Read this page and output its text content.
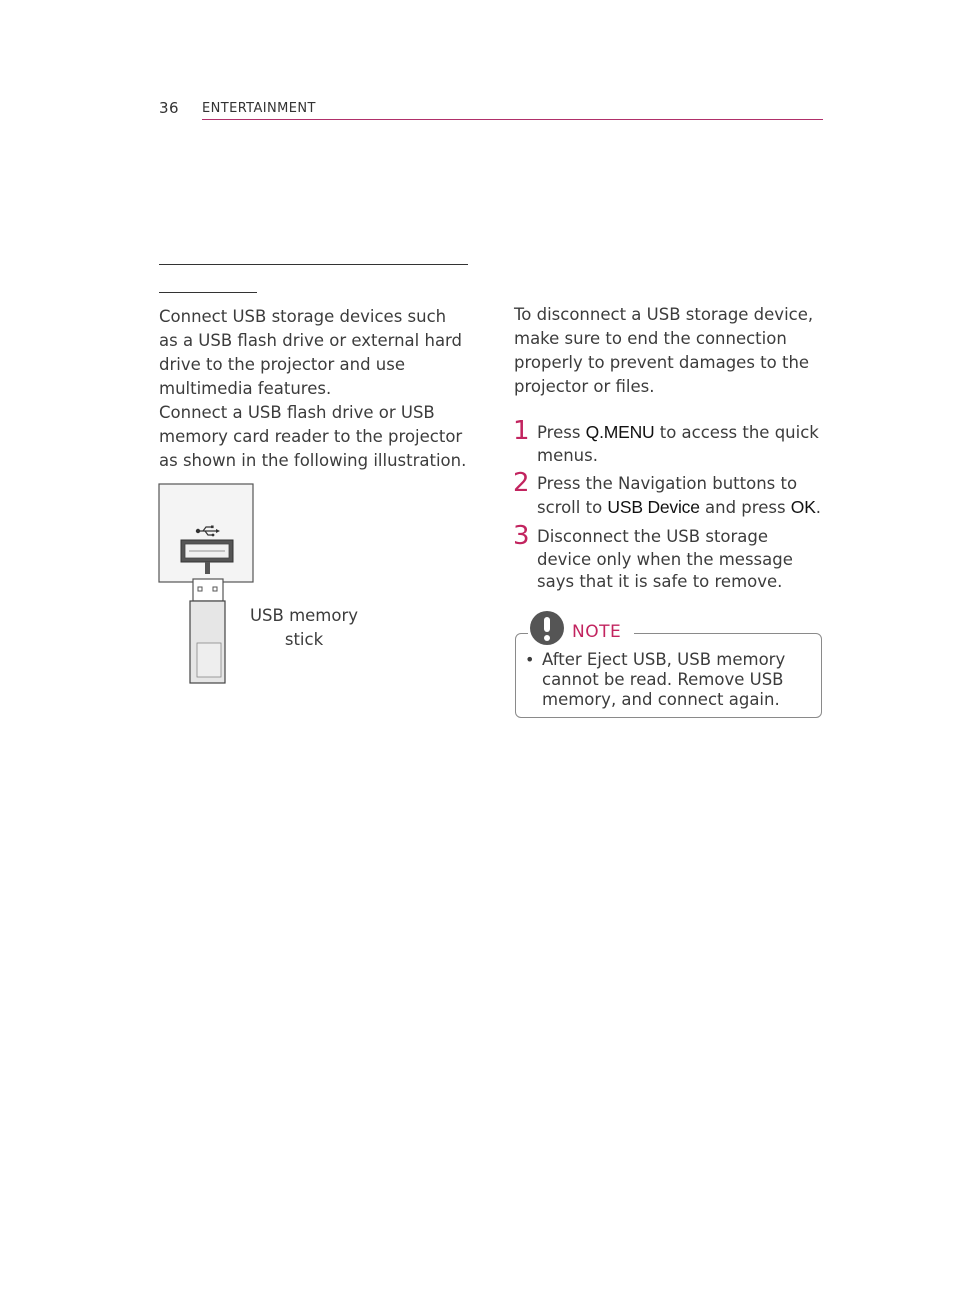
36 ENTERTAINMENT
Connect USB storage devices such as a USB flash drive or external hard drive to the projector and use multimedia features.
Connect a USB flash drive or USB memory card reader to the projector as shown in the following illustration.
USB memory stick
To disconnect a USB storage device, make sure to end the connection properly to prevent damages to the projector or files.
1 Press Q.MENU to access the quick menus.
2 Press the Navigation buttons to scroll to USB Device and press OK.
3 Disconnect the USB storage device only when the message says that it is safe to remove.
NOTE
• After Eject USB, USB memory cannot be read. Remove USB memory, and connect again.
